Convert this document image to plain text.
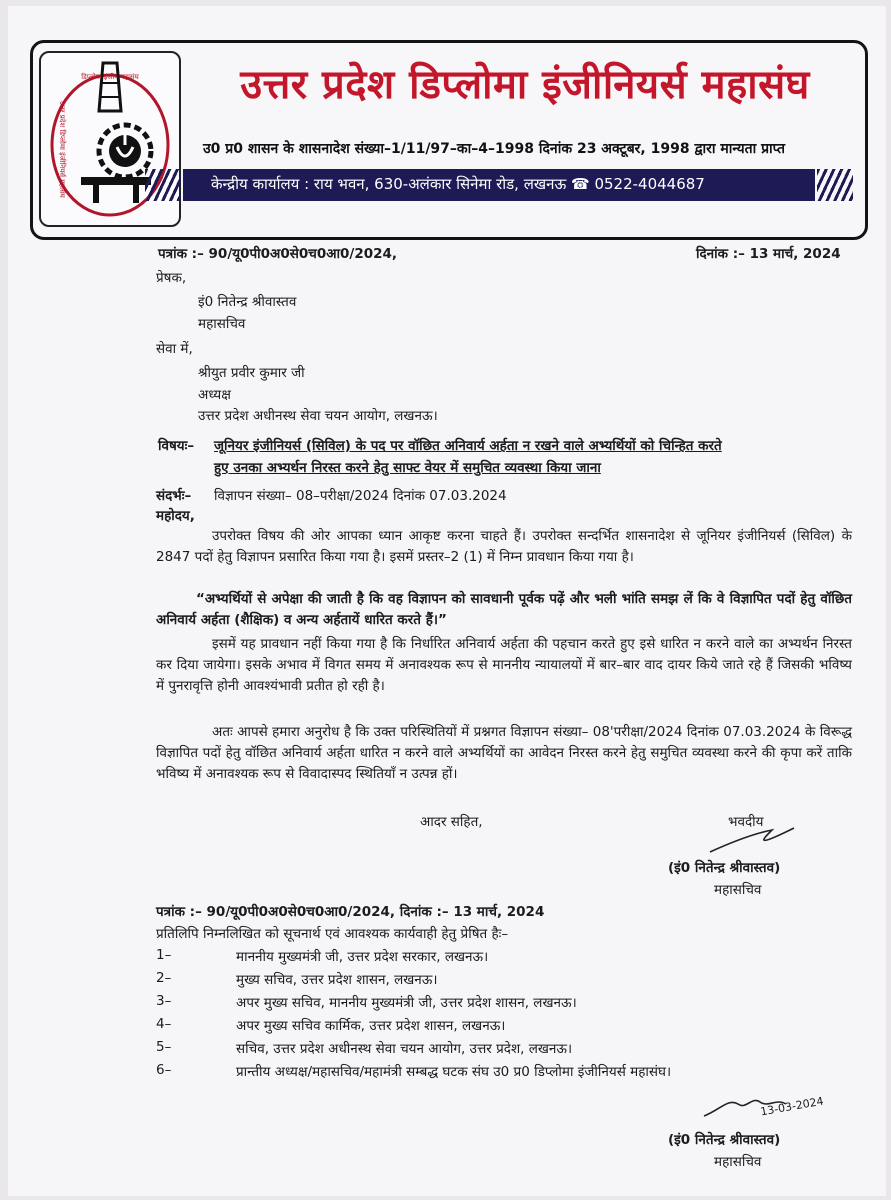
डिप्लोमा इंजी० महासंघ
उत्तर प्रदेश डिप्लोमा इंजीनियर्स महासंघ
उत्तर प्रदेश डिप्लोमा इंजीनियर्स महासंघ
उ0 प्र0 शासन के शासनादेश संख्या–1/11/97–का–4–1998 दिनांक 23 अक्टूबर, 1998 द्वारा मान्यता प्राप्त
केन्द्रीय कार्यालय : राय भवन, 630-अलंकार सिनेमा रोड, लखनऊ ☎ 0522-4044687
पत्रांक :– 90/यू0पी0अ0से0च0आ0/2024,	दिनांक :– 13 मार्च, 2024
प्रेषक,
इं0 नितेन्द्र श्रीवास्तव
महासचिव
सेवा में,
श्रीयुत प्रवीर कुमार जी
अध्यक्ष
उत्तर प्रदेश अधीनस्थ सेवा चयन आयोग, लखनऊ।
विषयः– जूनियर इंजीनियर्स (सिविल) के पद पर वॉछित अनिवार्य अर्हता न रखने वाले अभ्यर्थियों को चिन्हित करते
हुए उनका अभ्यर्थन निरस्त करने हेतु साफ्ट वेयर में समुचित व्यवस्था किया जाना
संदर्भः– विज्ञापन संख्या– 08–परीक्षा/2024 दिनांक 07.03.2024
महोदय,
उपरोक्त विषय की ओर आपका ध्यान आकृष्ट करना चाहते हैं। उपरोक्त सन्दर्भित शासनादेश से जूनियर इंजीनियर्स (सिविल) के 2847 पदों हेतु विज्ञापन प्रसारित किया गया है। इसमें प्रस्तर–2 (1) में निम्न प्रावधान किया गया है।
“अभ्यर्थियों से अपेक्षा की जाती है कि वह विज्ञापन को सावधानी पूर्वक पढ़ें और भली भांति समझ लें कि वे विज्ञापित पदों हेतु वॉछित अनिवार्य अर्हता (शैक्षिक) व अन्य अर्हतायें धारित करते हैं।”
इसमें यह प्रावधान नहीं किया गया है कि निर्धारित अनिवार्य अर्हता की पहचान करते हुए इसे धारित न करने वाले का अभ्यर्थन निरस्त कर दिया जायेगा। इसके अभाव में विगत समय में अनावश्यक रूप से माननीय न्यायालयों में बार–बार वाद दायर किये जाते रहे हैं जिसकी भविष्य में पुनरावृत्ति होनी आवश्यंभावी प्रतीत हो रही है।
अतः आपसे हमारा अनुरोध है कि उक्त परिस्थितियों में प्रश्नगत विज्ञापन संख्या– 08'परीक्षा/2024 दिनांक 07.03.2024 के विरूद्ध विज्ञापित पदों हेतु वॉछित अनिवार्य अर्हता धारित न करने वाले अभ्यर्थियों का आवेदन निरस्त करने हेतु समुचित व्यवस्था करने की कृपा करें ताकि भविष्य में अनावश्यक रूप से विवादास्पद स्थितियाँ न उत्पन्न हों।
आदर सहित,	भवदीय
(इं0 नितेन्द्र श्रीवास्तव)
महासचिव
पत्रांक :– 90/यू0पी0अ0से0च0आ0/2024, दिनांक :– 13 मार्च, 2024
प्रतिलिपि निम्नलिखित को सूचनार्थ एवं आवश्यक कार्यवाही हेतु प्रेषित हैः–
1–	माननीय मुख्यमंत्री जी, उत्तर प्रदेश सरकार, लखनऊ।
2–	मुख्य सचिव, उत्तर प्रदेश शासन, लखनऊ।
3–	अपर मुख्य सचिव, माननीय मुख्यमंत्री जी, उत्तर प्रदेश शासन, लखनऊ।
4–	अपर मुख्य सचिव कार्मिक, उत्तर प्रदेश शासन, लखनऊ।
5–	सचिव, उत्तर प्रदेश अधीनस्थ सेवा चयन आयोग, उत्तर प्रदेश, लखनऊ।
6–	प्रान्तीय अध्यक्ष/महासचिव/महामंत्री सम्बद्ध घटक संघ उ0 प्र0 डिप्लोमा इंजीनियर्स महासंघ।
13-03-2024
(इं0 नितेन्द्र श्रीवास्तव)
महासचिव
